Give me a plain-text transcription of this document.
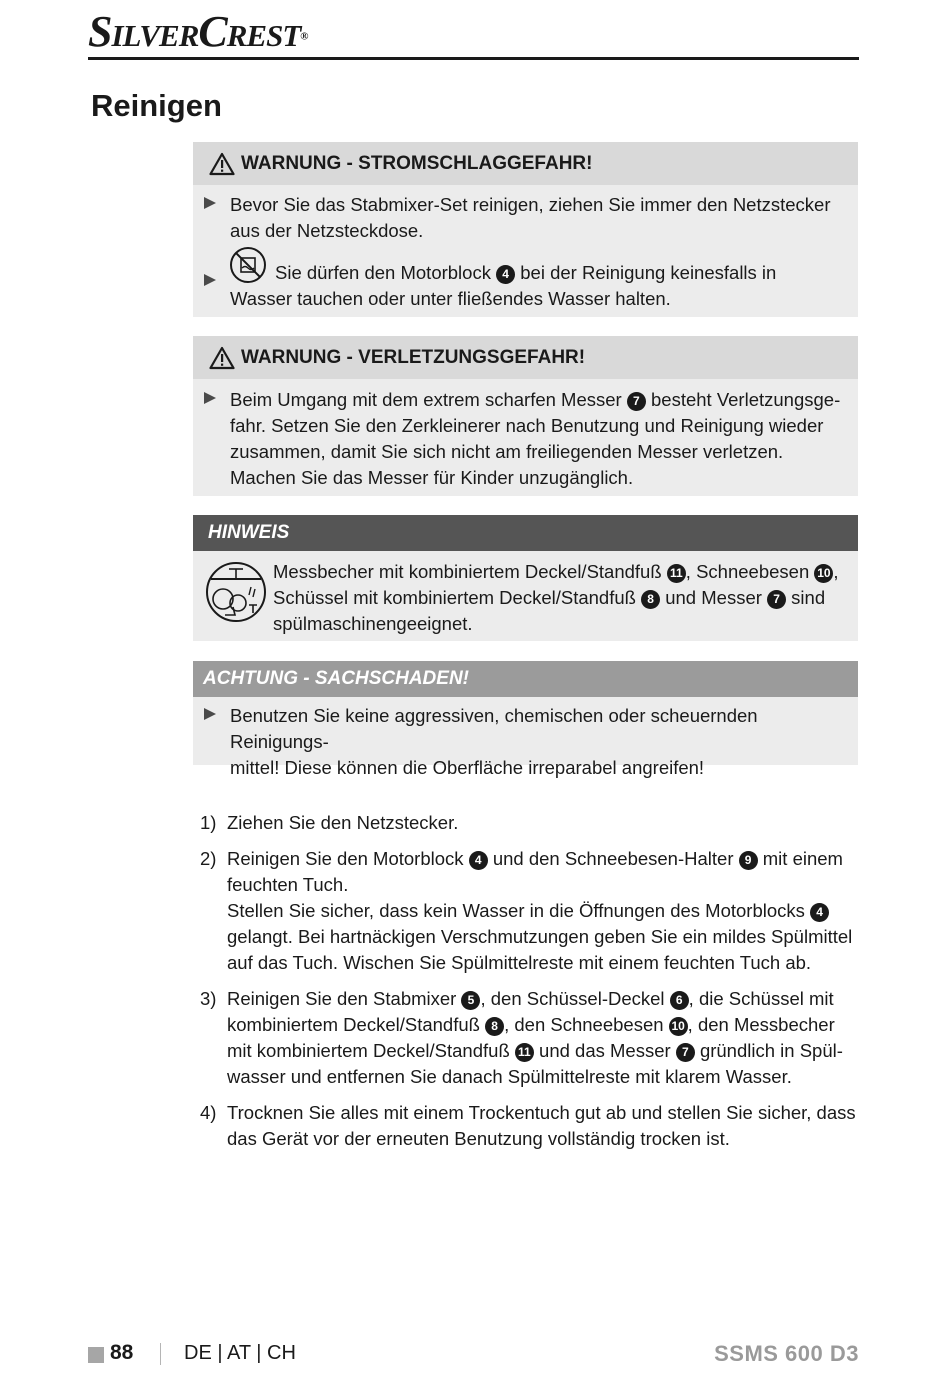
SILVERCREST®
Reinigen
WARNUNG - STROMSCHLAGGEFAHR!
Bevor Sie das Stabmixer-Set reinigen, ziehen Sie immer den Netzstecker
aus der Netzsteckdose.
Sie dürfen den Motorblock 4 bei der Reinigung keinesfalls in
Wasser tauchen oder unter fließendes Wasser halten.
WARNUNG - VERLETZUNGSGEFAHR!
Beim Umgang mit dem extrem scharfen Messer 7 besteht Verletzungsge-
fahr. Setzen Sie den Zerkleinerer nach Benutzung und Reinigung wieder
zusammen, damit Sie sich nicht am freiliegenden Messer verletzen.
Machen Sie das Messer für Kinder unzugänglich.
HINWEIS
Messbecher mit kombiniertem Deckel/Standfuß 11 , Schneebesen 10 ,
Schüssel mit kombiniertem Deckel/Standfuß 8 und Messer 7 sind
spülmaschinengeeignet.
ACHTUNG - SACHSCHADEN!
Benutzen Sie keine aggressiven, chemischen oder scheuernden Reinigungs-
mittel! Diese können die Oberfläche irreparabel angreifen!
1) Ziehen Sie den Netzstecker.
2) Reinigen Sie den Motorblock 4 und den Schneebesen-Halter 9 mit einem
feuchten Tuch.
Stellen Sie sicher, dass kein Wasser in die Öffnungen des Motorblocks 4
gelangt. Bei hartnäckigen Verschmutzungen geben Sie ein mildes Spülmittel
auf das Tuch. Wischen Sie Spülmittelreste mit einem feuchten Tuch ab.
3) Reinigen Sie den Stabmixer 5 , den Schüssel-Deckel 6 , die Schüssel mit
kombiniertem Deckel/Standfuß 8 , den Schneebesen 10 , den Messbecher
mit kombiniertem Deckel/Standfuß 11 und das Messer 7 gründlich in Spül-
wasser und entfernen Sie danach Spülmittelreste mit klarem Wasser.
4) Trocknen Sie alles mit einem Trockentuch gut ab und stellen Sie sicher, dass
das Gerät vor der erneuten Benutzung vollständig trocken ist.
88	DE | AT | CH	SSMS 600 D3
